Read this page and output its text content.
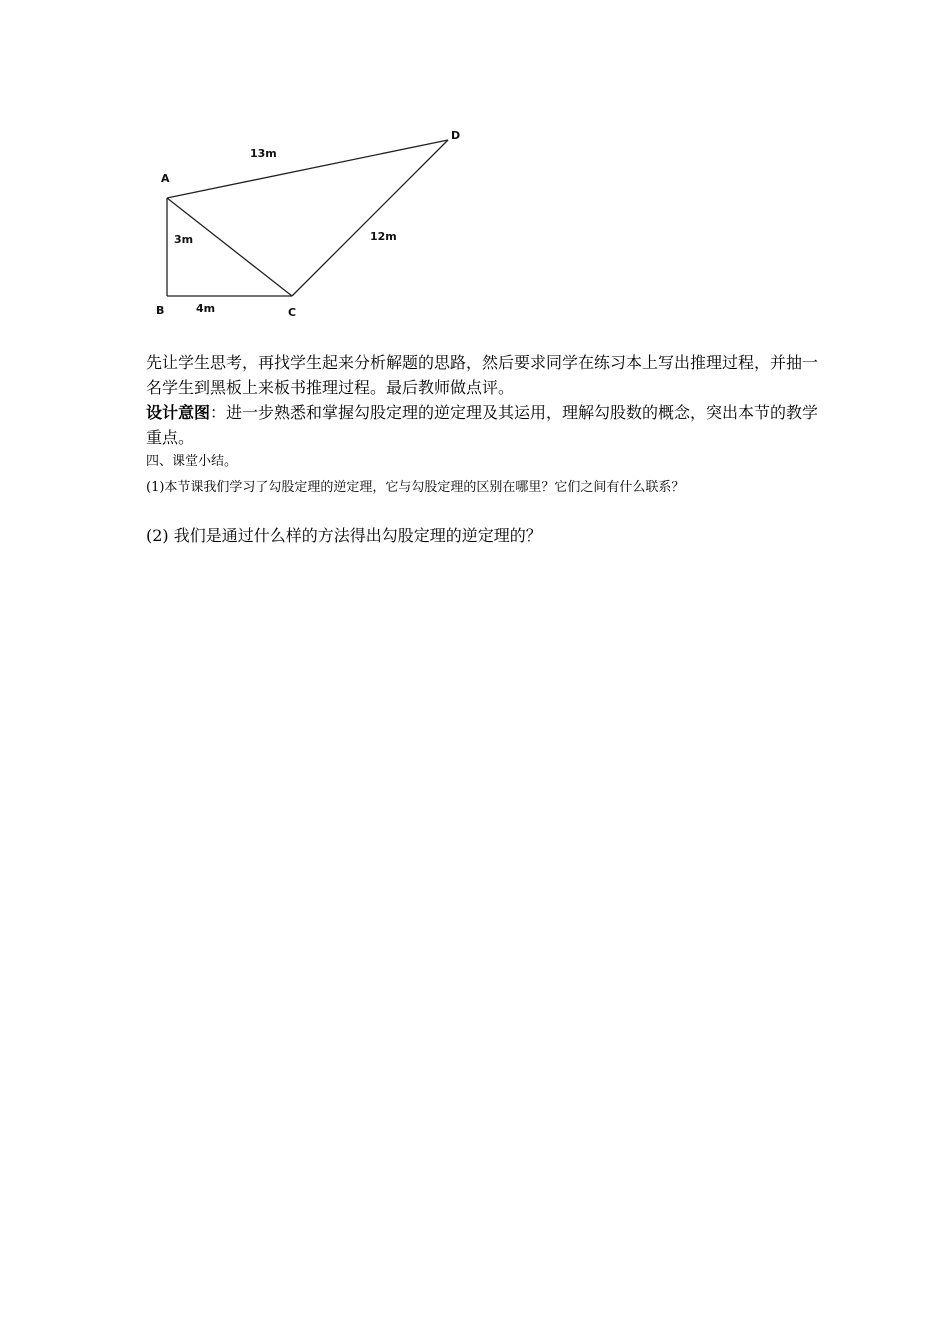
A
B	C
D
13m
3m
4m
12m

先让学生思考，再找学生起来分析解题的思路，然后要求同学在练习本上写出推理过程，并抽一名学生到黑板上来板书推理过程。最后教师做点评。

设计意图：进一步熟悉和掌握勾股定理的逆定理及其运用，理解勾股数的概念，突出本节的教学重点。

四、课堂小结。

(1)本节课我们学习了勾股定理的逆定理，它与勾股定理的区别在哪里？它们之间有什么联系？

(2) 我们是通过什么样的方法得出勾股定理的逆定理的？
